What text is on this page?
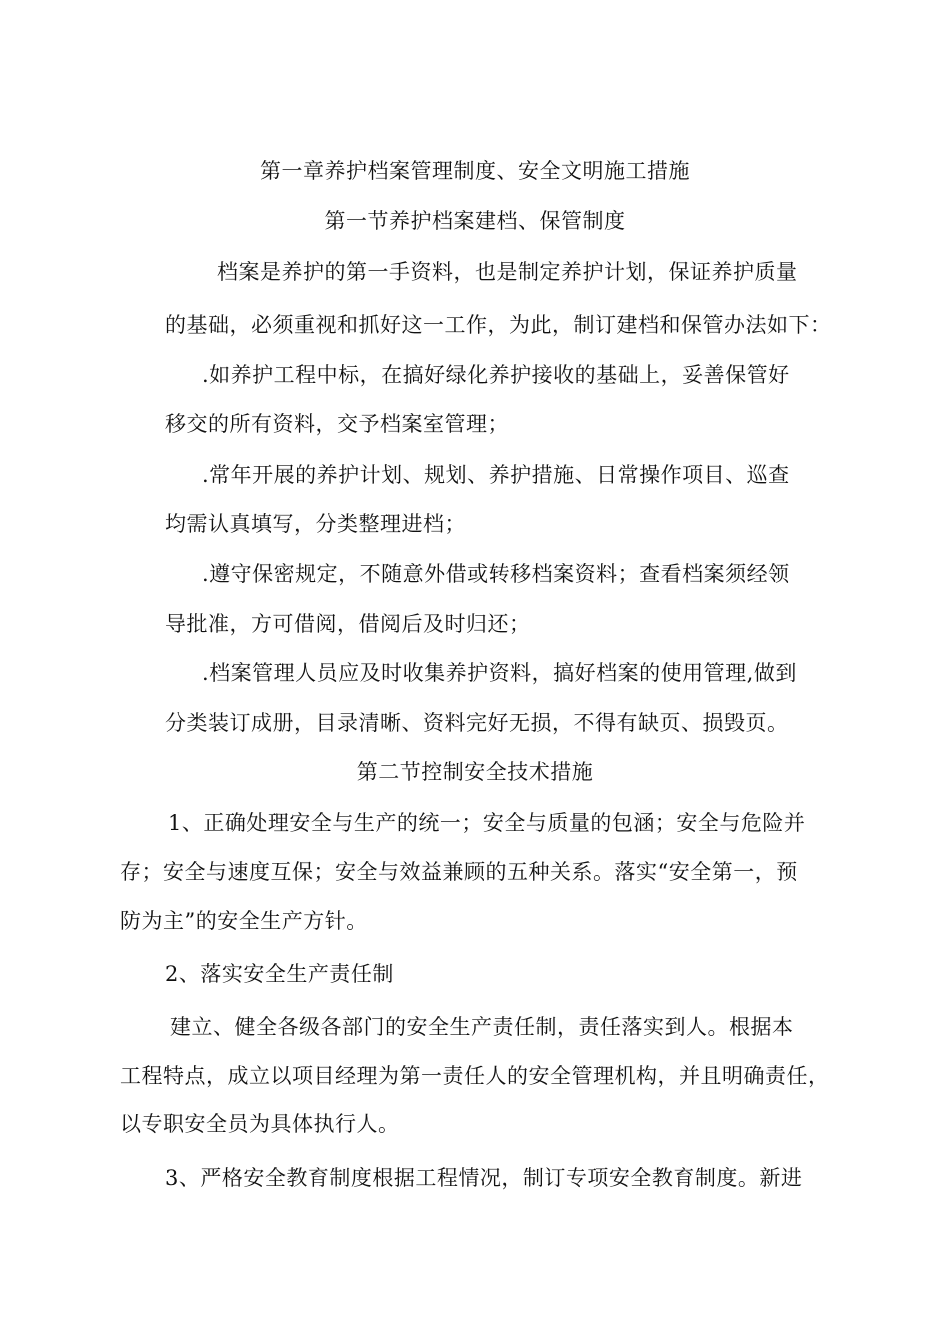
第一章养护档案管理制度、安全文明施工措施
第一节养护档案建档、保管制度
档案是养护的第一手资料，也是制定养护计划，保证养护质量
的基础，必须重视和抓好这一工作，为此，制订建档和保管办法如下：
.如养护工程中标，在搞好绿化养护接收的基础上，妥善保管好
移交的所有资料，交予档案室管理；
.常年开展的养护计划、规划、养护措施、日常操作项目、巡查
均需认真填写，分类整理进档；
.遵守保密规定，不随意外借或转移档案资料；查看档案须经领
导批准，方可借阅，借阅后及时归还；
.档案管理人员应及时收集养护资料，搞好档案的使用管理,做到
分类装订成册，目录清晰、资料完好无损，不得有缺页、损毁页。
第二节控制安全技术措施
1、正确处理安全与生产的统一；安全与质量的包涵；安全与危险并
存；安全与速度互保；安全与效益兼顾的五种关系。落实“安全第一，预
防为主”的安全生产方针。
2、落实安全生产责任制
建立、健全各级各部门的安全生产责任制，责任落实到人。根据本
工程特点，成立以项目经理为第一责任人的安全管理机构，并且明确责任，
以专职安全员为具体执行人。
3、严格安全教育制度根据工程情况，制订专项安全教育制度。新进
